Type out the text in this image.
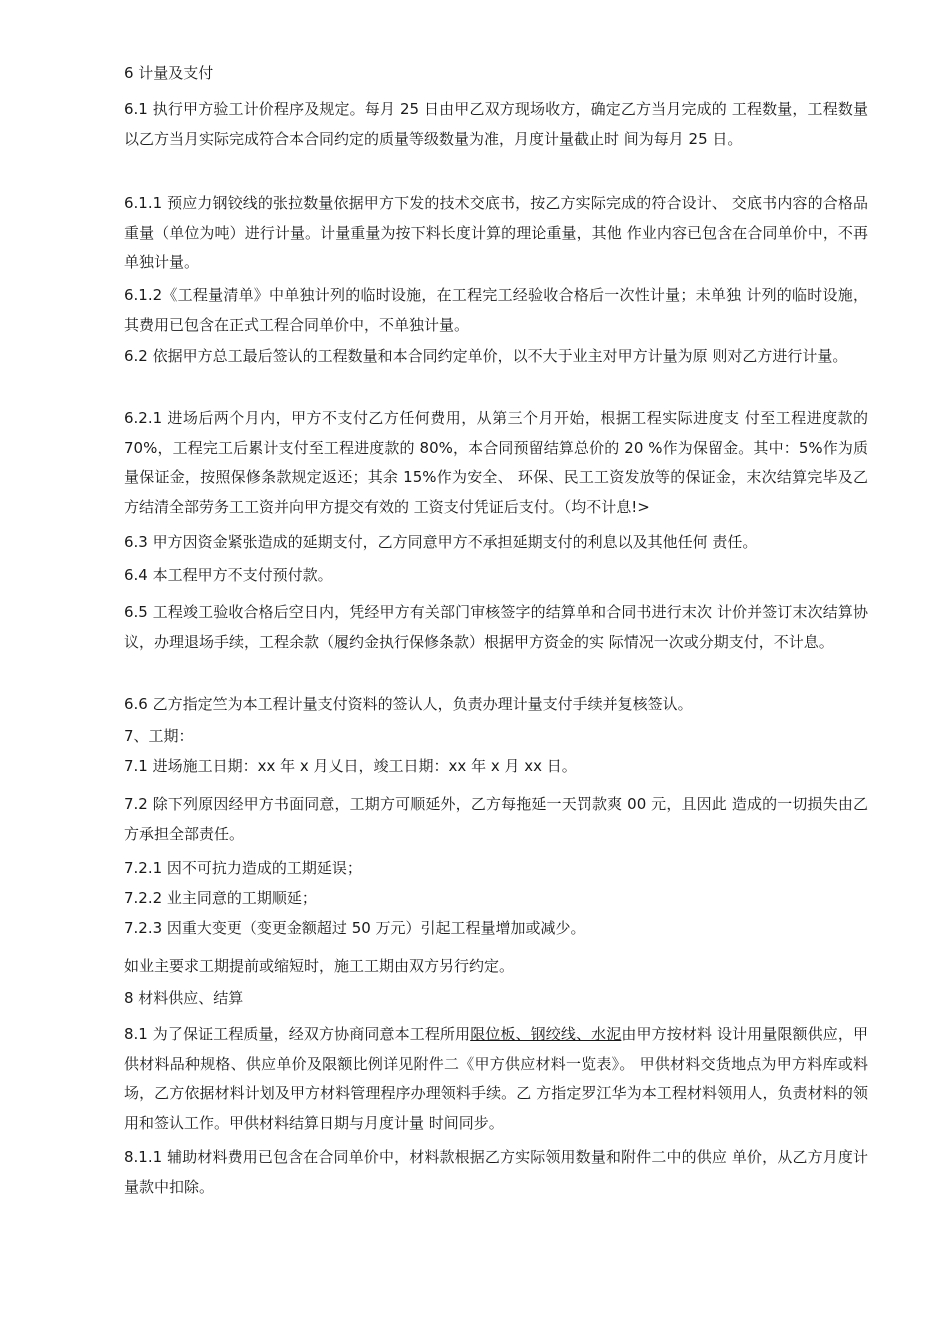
6 计量及支付

6.1 执行甲方验工计价程序及规定。每月 25 日由甲乙双方现场收方，确定乙方当月完成的 工程数量，工程数量以乙方当月实际完成符合本合同约定的质量等级数量为准，月度计量截止时 间为每月 25 日。

6.1.1 预应力钢铰线的张拉数量依据甲方下发的技术交底书，按乙方实际完成的符合设计、 交底书内容的合格品重量（单位为吨）进行计量。计量重量为按下料长度计算的理论重量，其他 作业内容已包含在合同单价中，不再单独计量。

6.1.2《工程量清单》中单独计列的临时设施，在工程完工经验收合格后一次性计量；未单独 计列的临时设施，其费用已包含在正式工程合同单价中，不单独计量。

6.2 依据甲方总工最后签认的工程数量和本合同约定单价，以不大于业主对甲方计量为原 则对乙方进行计量。

6.2.1 进场后两个月内，甲方不支付乙方任何费用，从第三个月开始，根据工程实际进度支 付至工程进度款的 70%，工程完工后累计支付至工程进度款的 80%，本合同预留结算总价的 20 %作为保留金。其中：5%作为质量保证金，按照保修条款规定返还；其余 15%作为安全、 环保、民工工资发放等的保证金，末次结算完毕及乙方结清全部劳务工工资并向甲方提交有效的 工资支付凭证后支付。（均不计息!>

6.3 甲方因资金紧张造成的延期支付，乙方同意甲方不承担延期支付的利息以及其他任何 责任。

6.4 本工程甲方不支付预付款。

6.5 工程竣工验收合格后空日内，凭经甲方有关部门审核签字的结算单和合同书进行末次 计价并签订末次结算协议，办理退场手续，工程余款（履约金执行保修条款）根据甲方资金的实 际情况一次或分期支付，不计息。

6.6 乙方指定竺为本工程计量支付资料的签认人，负责办理计量支付手续并复核签认。

7、工期：

7.1 进场施工日期：xx 年 x 月乂日，竣工日期：xx 年 x 月 xx 日。

7.2 除下列原因经甲方书面同意，工期方可顺延外，乙方每拖延一天罚款爽 00 元，且因此 造成的一切损失由乙方承担全部责任。

7.2.1 因不可抗力造成的工期延误；

7.2.2 业主同意的工期顺延；

7.2.3 因重大变更（变更金额超过 50 万元）引起工程量增加或减少。

如业主要求工期提前或缩短时，施工工期由双方另行约定。

8 材料供应、结算

8.1 为了保证工程质量，经双方协商同意本工程所用限位板、钢绞线、水泥由甲方按材料 设计用量限额供应，甲供材料品种规格、供应单价及限额比例详见附件二《甲方供应材料一览表》。 甲供材料交货地点为甲方料库或料场，乙方依据材料计划及甲方材料管理程序办理领料手续。乙 方指定罗江华为本工程材料领用人，负责材料的领用和签认工作。甲供材料结算日期与月度计量 时间同步。

8.1.1 辅助材料费用已包含在合同单价中，材料款根据乙方实际领用数量和附件二中的供应 单价，从乙方月度计量款中扣除。
